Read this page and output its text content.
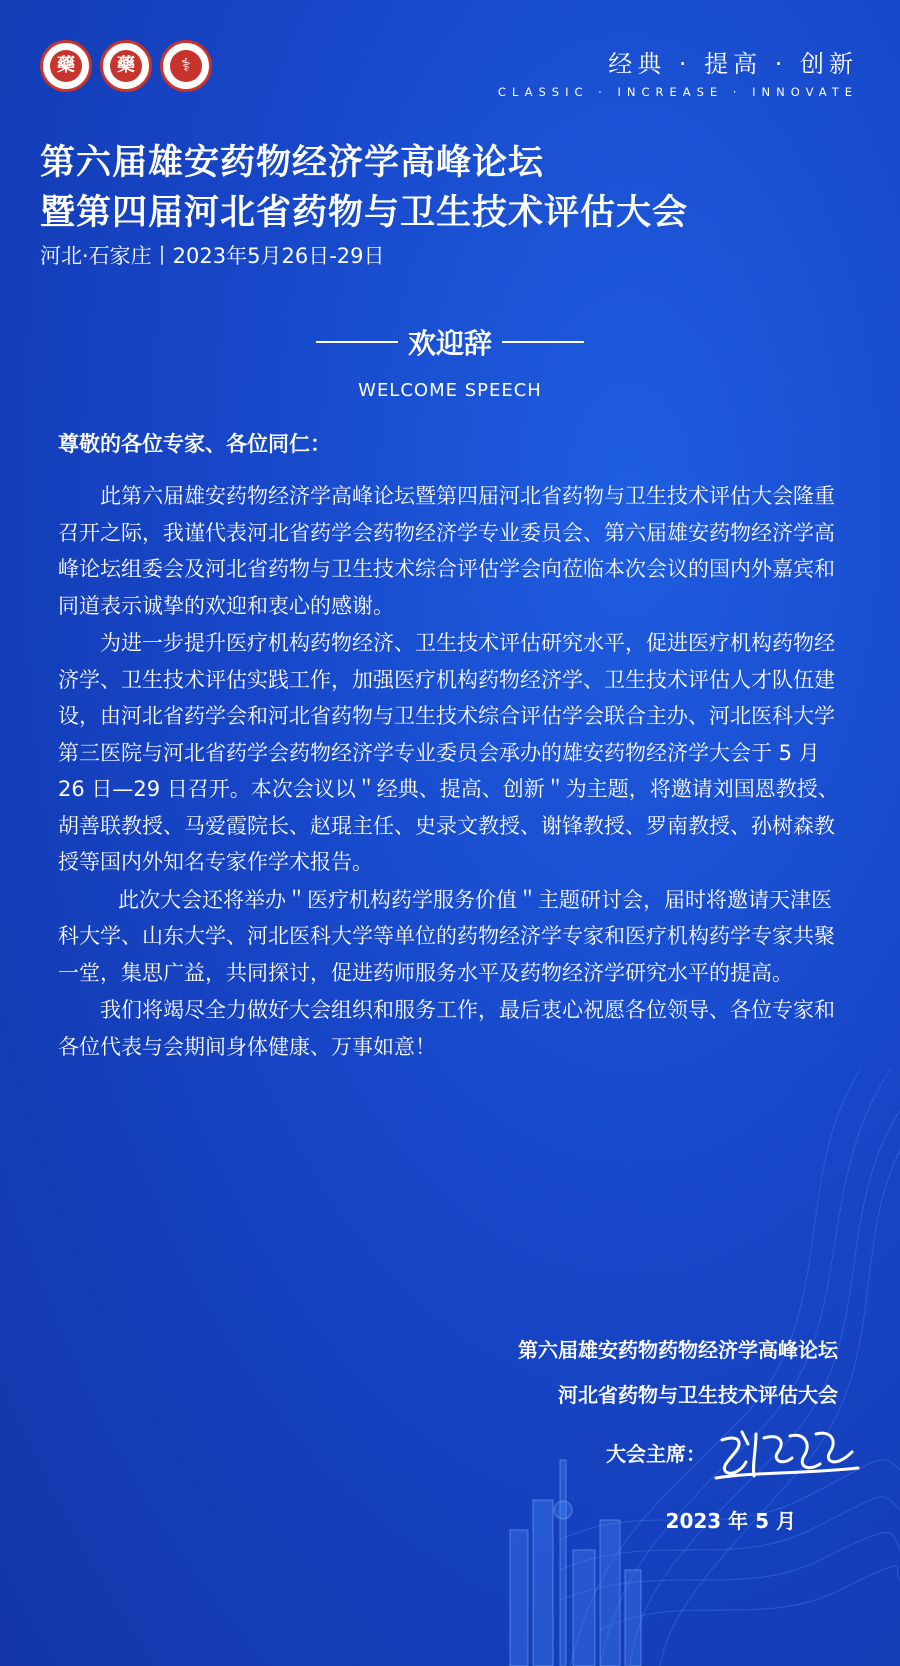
藥	藥	⚕	经典 · 提高 · 创新
CLASSIC · INCREASE · INNOVATE
第六届雄安药物经济学高峰论坛
暨第四届河北省药物与卫生技术评估大会
河北·石家庄丨2023年5月26日-29日
欢迎辞
WELCOME SPEECH
尊敬的各位专家、各位同仁：

此第六届雄安药物经济学高峰论坛暨第四届河北省药物与卫生技术评估大会隆重召开之际，我谨代表河北省药学会药物经济学专业委员会、第六届雄安药物经济学高峰论坛组委会及河北省药物与卫生技术综合评估学会向莅临本次会议的国内外嘉宾和同道表示诚挚的欢迎和衷心的感谢。

为进一步提升医疗机构药物经济、卫生技术评估研究水平，促进医疗机构药物经济学、卫生技术评估实践工作，加强医疗机构药物经济学、卫生技术评估人才队伍建设，由河北省药学会和河北省药物与卫生技术综合评估学会联合主办、河北医科大学第三医院与河北省药学会药物经济学专业委员会承办的雄安药物经济学大会于 5 月 26 日—29 日召开。本次会议以＂经典、提高、创新＂为主题，将邀请刘国恩教授、胡善联教授、马爱霞院长、赵琨主任、史录文教授、谢锋教授、罗南教授、孙树森教授等国内外知名专家作学术报告。

此次大会还将举办＂医疗机构药学服务价值＂主题研讨会，届时将邀请天津医科大学、山东大学、河北医科大学等单位的药物经济学专家和医疗机构药学专家共聚一堂，集思广益，共同探讨，促进药师服务水平及药物经济学研究水平的提高。

我们将竭尽全力做好大会组织和服务工作，最后衷心祝愿各位领导、各位专家和各位代表与会期间身体健康、万事如意！

第六届雄安药物药物经济学高峰论坛
河北省药物与卫生技术评估大会
大会主席：
2023 年 5 月
